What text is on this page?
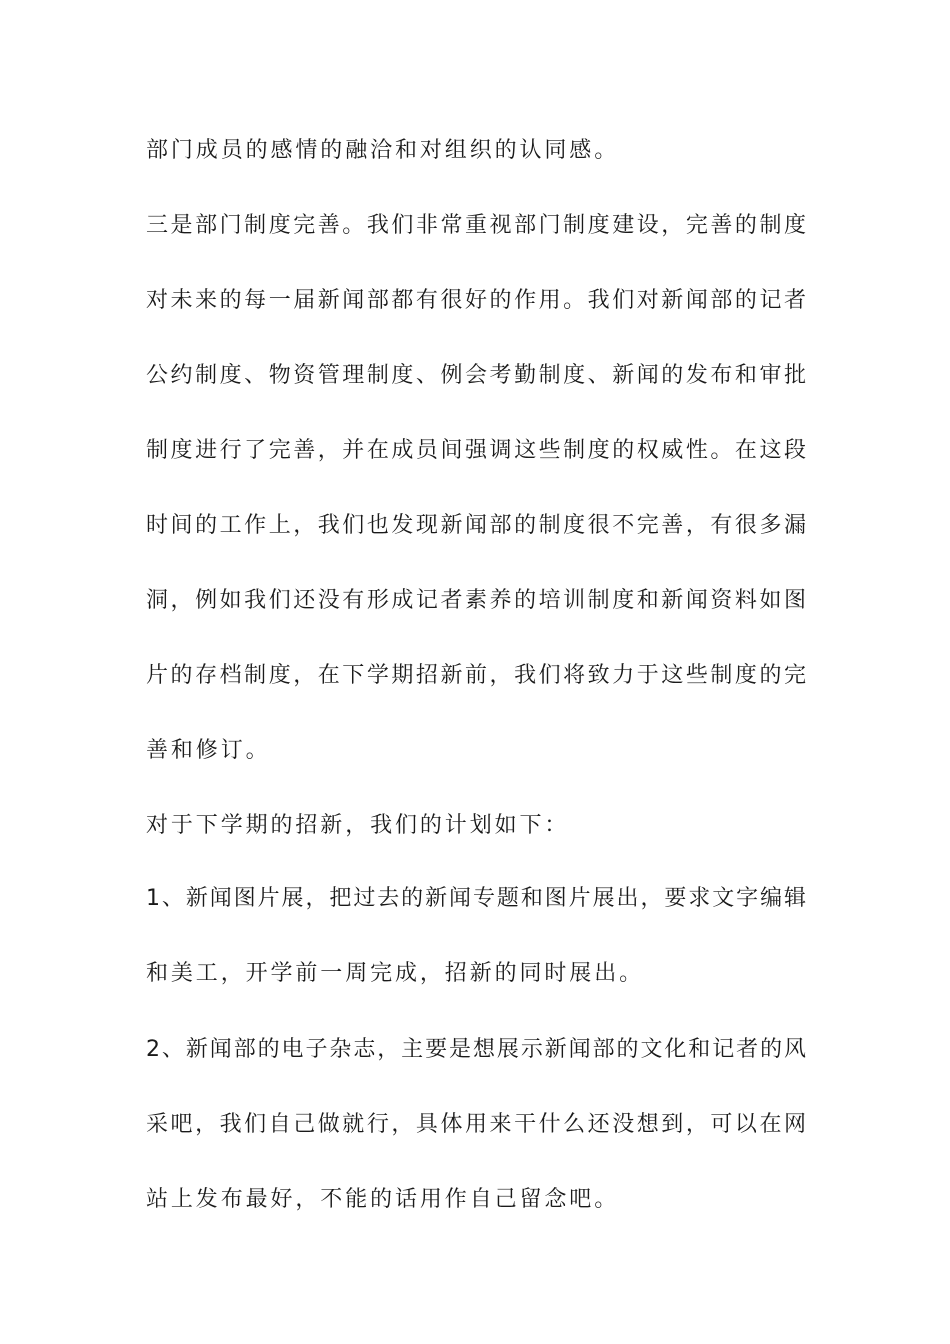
部门成员的感情的融洽和对组织的认同感。
三是部门制度完善。我们非常重视部门制度建设，完善的制度
对未来的每一届新闻部都有很好的作用。我们对新闻部的记者
公约制度、物资管理制度、例会考勤制度、新闻的发布和审批
制度进行了完善，并在成员间强调这些制度的权威性。在这段
时间的工作上，我们也发现新闻部的制度很不完善，有很多漏
洞，例如我们还没有形成记者素养的培训制度和新闻资料如图
片的存档制度，在下学期招新前，我们将致力于这些制度的完
善和修订。
对于下学期的招新，我们的计划如下：
1、新闻图片展，把过去的新闻专题和图片展出，要求文字编辑
和美工，开学前一周完成，招新的同时展出。
2、新闻部的电子杂志，主要是想展示新闻部的文化和记者的风
采吧，我们自己做就行，具体用来干什么还没想到，可以在网
站上发布最好，不能的话用作自己留念吧。
